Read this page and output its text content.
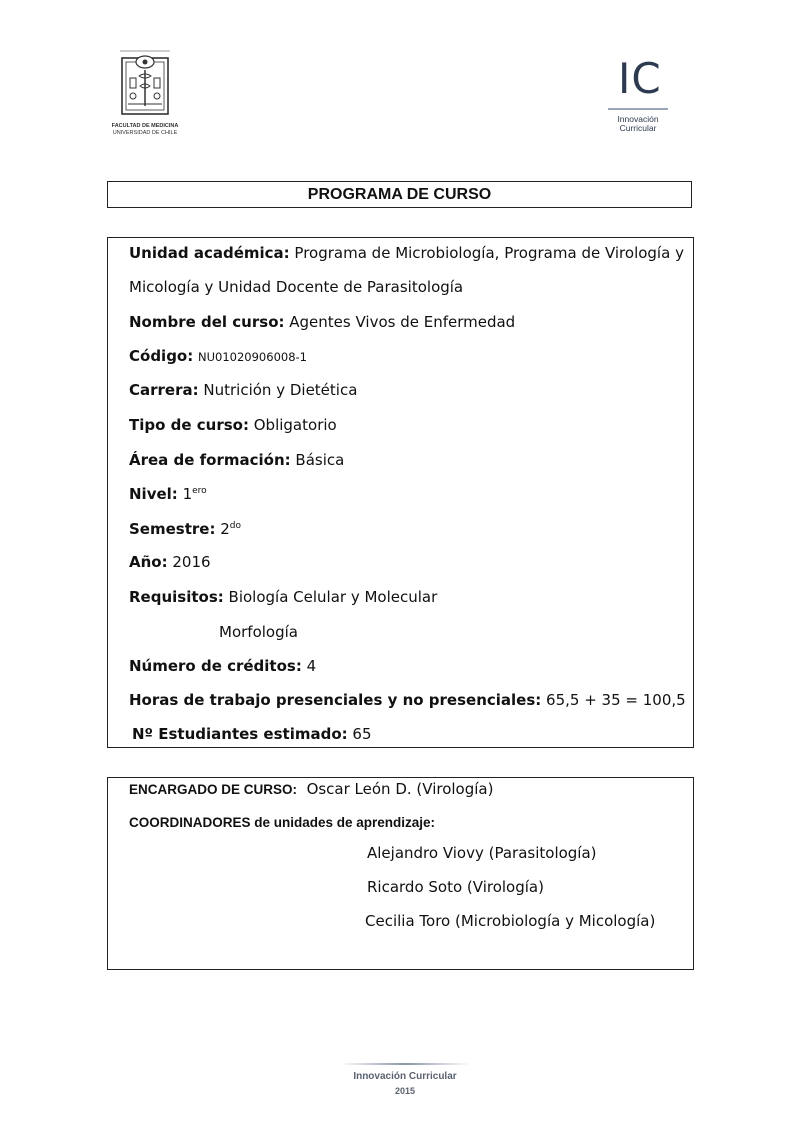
FACULTAD DE MEDICINA
UNIVERSIDAD DE CHILE
IC
Innovación
Curricular
PROGRAMA DE CURSO
Unidad académica: Programa de Microbiología, Programa de Virología y
Micología y Unidad Docente de Parasitología
Nombre del curso: Agentes Vivos de Enfermedad
Código: NU01020906008-1
Carrera: Nutrición y Dietética
Tipo de curso: Obligatorio
Área de formación: Básica
Nivel: $1^{ero}$
Semestre: $2^{do}$
Año: 2016
Requisitos: Biología Celular y Molecular
Morfología
Número de créditos: 4
Horas de trabajo presenciales y no presenciales: 65,5 + 35 = 100,5
Nº Estudiantes estimado: 65
ENCARGADO DE CURSO: Oscar León D. (Virología)
COORDINADORES de unidades de aprendizaje:
Alejandro Viovy (Parasitología)
Ricardo Soto (Virología)
Cecilia Toro (Microbiología y Micología)
Innovación Curricular
2015
